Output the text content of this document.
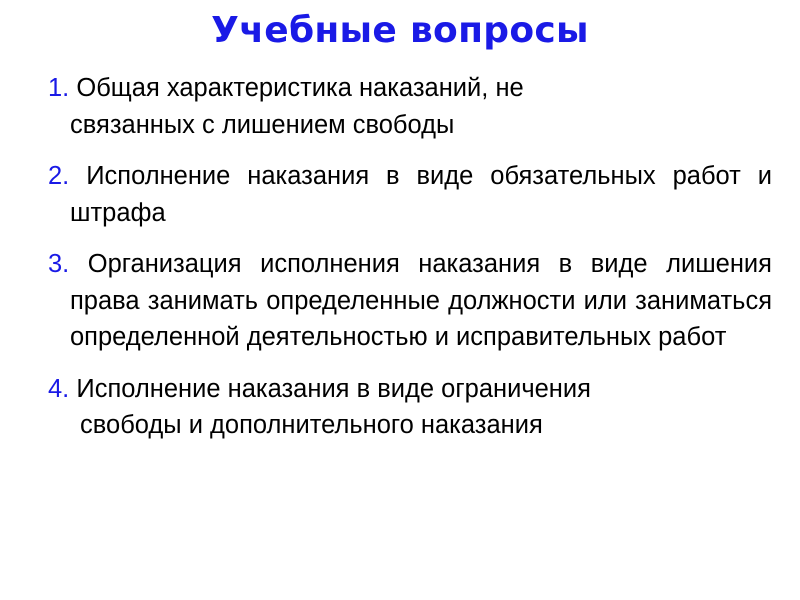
Учебные вопросы
1. Общая характеристика наказаний, не
связанных с лишением свободы
2. Исполнение наказания в виде обязательных работ и штрафа
3. Организация исполнения наказания в виде лишения права занимать определенные должности или заниматься определенной деятельностью и исправительных работ
4. Исполнение наказания в виде ограничения
свободы и дополнительного наказания
